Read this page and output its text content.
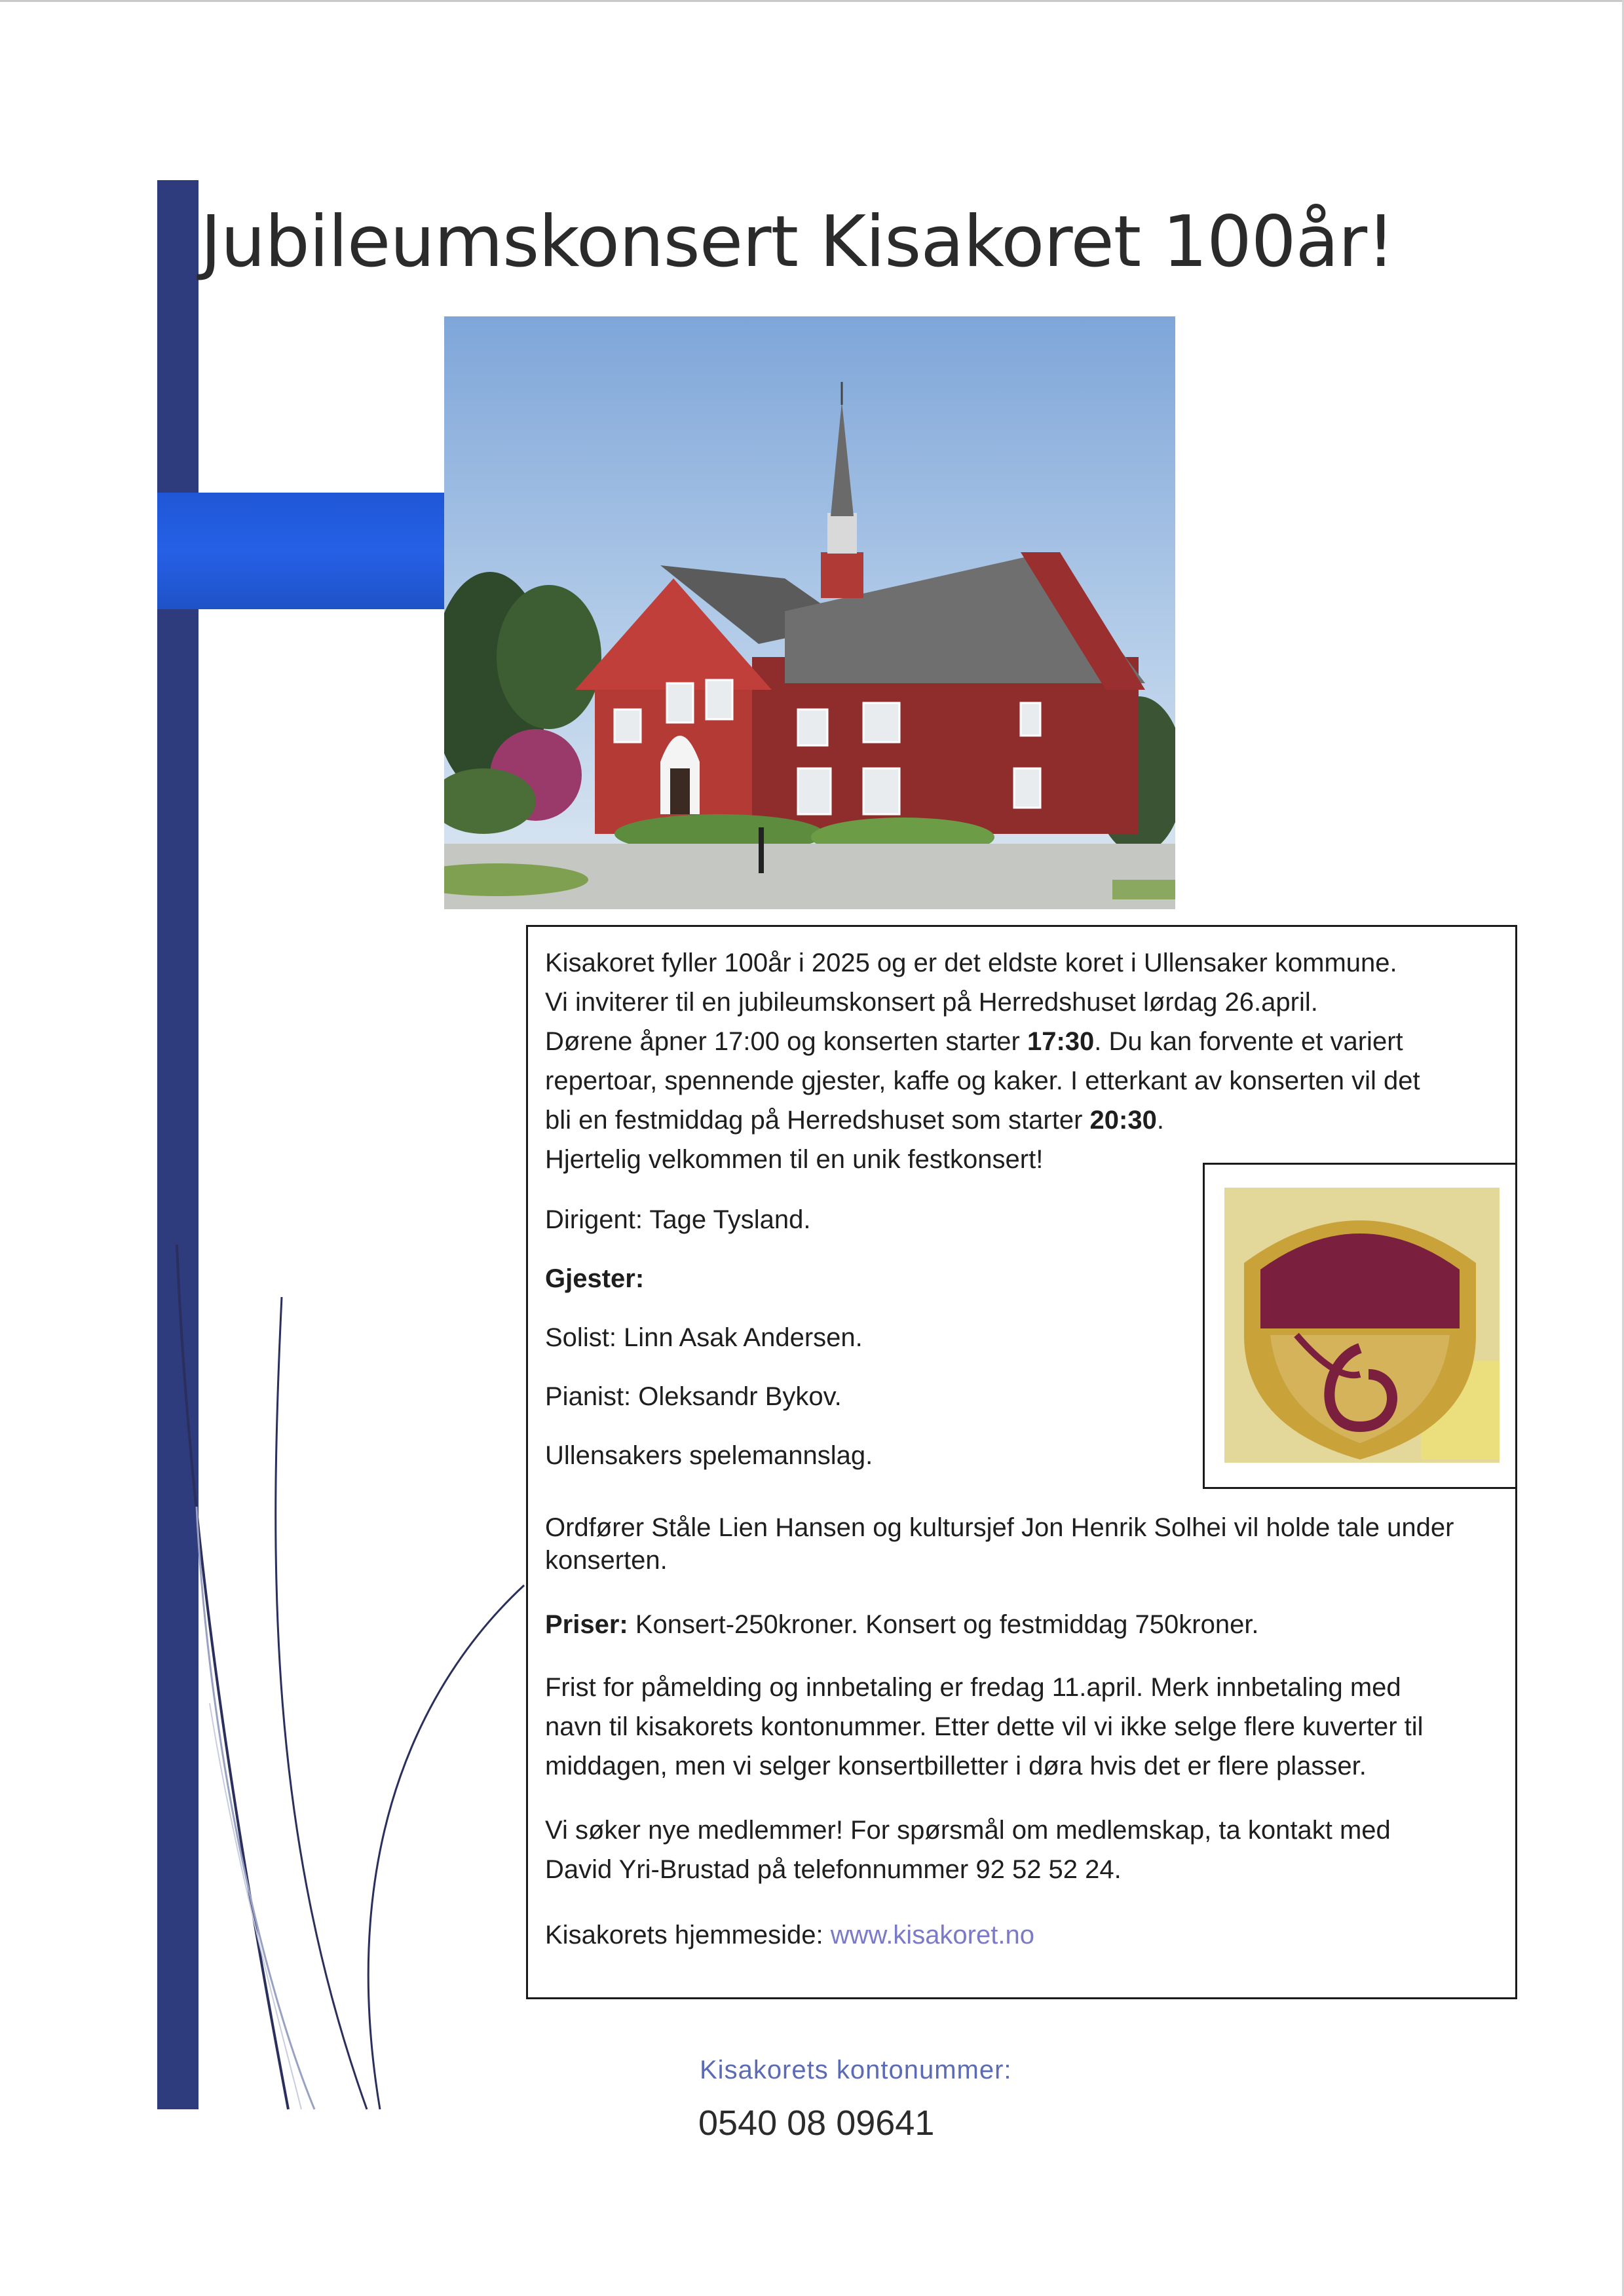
Jubileumskonsert Kisakoret 100år!
Kisakoret fyller 100år i 2025 og er det eldste koret i Ullensaker kommune.
Vi inviterer til en jubileumskonsert på Herredshuset lørdag 26.april.
Dørene åpner 17:00 og konserten starter 17:30. Du kan forvente et variert
repertoar, spennende gjester, kaffe og kaker. I etterkant av konserten vil det
bli en festmiddag på Herredshuset som starter 20:30.
Hjertelig velkommen til en unik festkonsert!
Dirigent: Tage Tysland.
Gjester:
Solist: Linn Asak Andersen.
Pianist: Oleksandr Bykov.
Ullensakers spelemannslag.
Ordfører Ståle Lien Hansen og kultursjef Jon Henrik Solhei vil holde tale under
konserten.
Priser: Konsert-250kroner. Konsert og festmiddag 750kroner.
Frist for påmelding og innbetaling er fredag 11.april. Merk innbetaling med
navn til kisakorets kontonummer. Etter dette vil vi ikke selge flere kuverter til
middagen, men vi selger konsertbilletter i døra hvis det er flere plasser.
Vi søker nye medlemmer! For spørsmål om medlemskap, ta kontakt med
David Yri-Brustad på telefonnummer 92 52 52 24.
Kisakorets hjemmeside: www.kisakoret.no
Kisakorets kontonummer:
0540 08 09641
